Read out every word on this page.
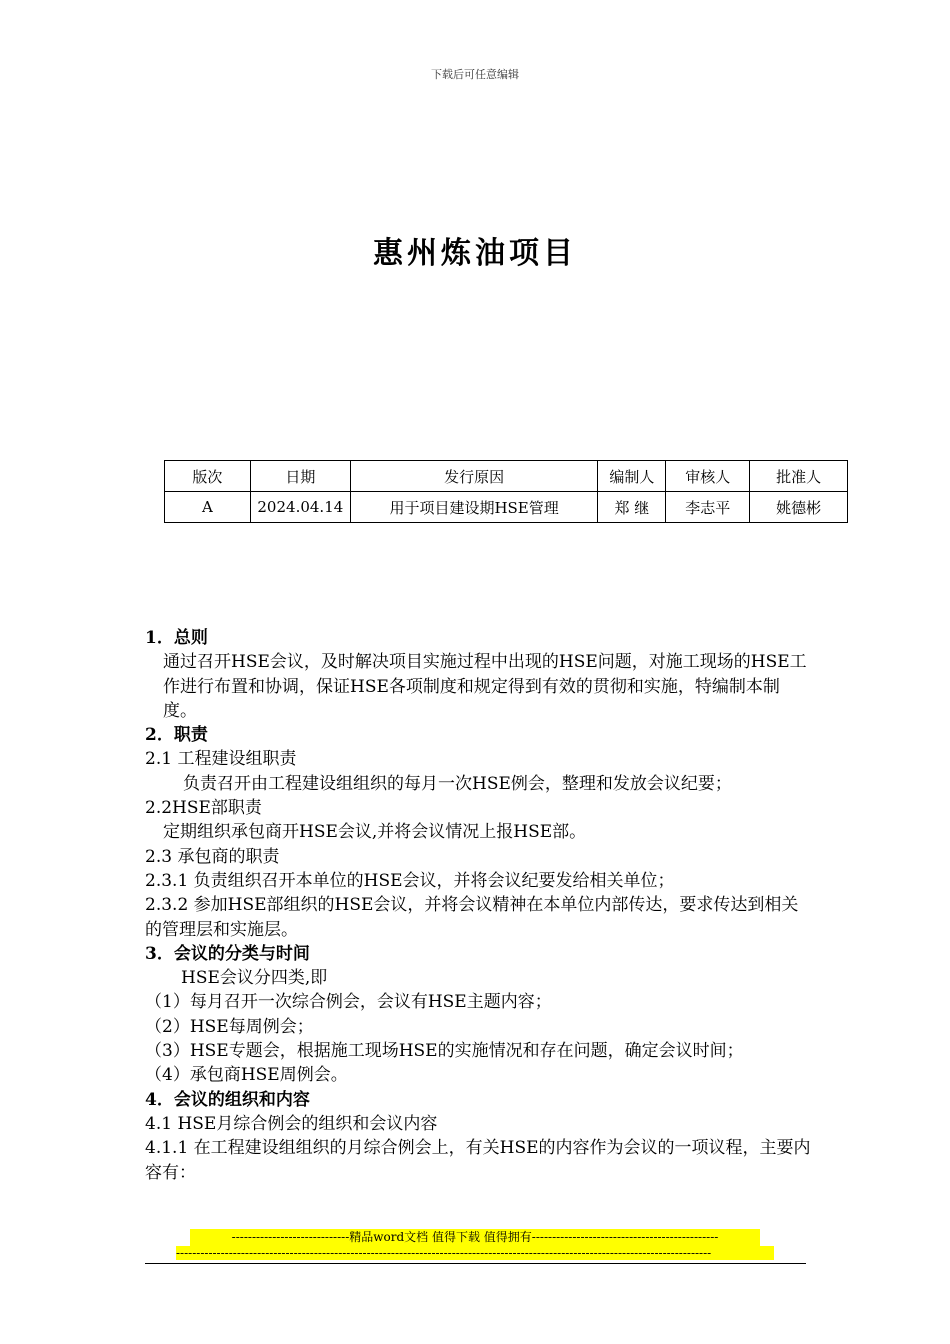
下载后可任意编辑
惠州炼油项目
版次	日期	发行原因	编制人	审核人	批准人
A	2024.04.14	用于项目建设期HSE管理	郑 继	李志平	姚德彬

1．总则

通过召开HSE会议，及时解决项目实施过程中出现的HSE问题，对施工现场的HSE工作进行布置和协调，保证HSE各项制度和规定得到有效的贯彻和实施，特编制本制度。

2．职责

2.1 工程建设组职责

负责召开由工程建设组组织的每月一次HSE例会，整理和发放会议纪要；

2.2HSE部职责

定期组织承包商开HSE会议,并将会议情况上报HSE部。

2.3 承包商的职责

2.3.1 负责组织召开本单位的HSE会议，并将会议纪要发给相关单位；

2.3.2 参加HSE部组织的HSE会议，并将会议精神在本单位内部传达，要求传达到相关的管理层和实施层。

3．会议的分类与时间

HSE会议分四类,即

（1）每月召开一次综合例会，会议有HSE主题内容；

（2）HSE每周例会；

（3）HSE专题会，根据施工现场HSE的实施情况和存在问题，确定会议时间；

（4）承包商HSE周例会。

4．会议的组织和内容

4.1 HSE月综合例会的组织和会议内容

4.1.1 在工程建设组组织的月综合例会上，有关HSE的内容作为会议的一项议程，主要内容有：

-----------------------------精品word文档 值得下载 值得拥有----------------------------------------------
------------------------------------------------------------------------------------------------------------------------------------
